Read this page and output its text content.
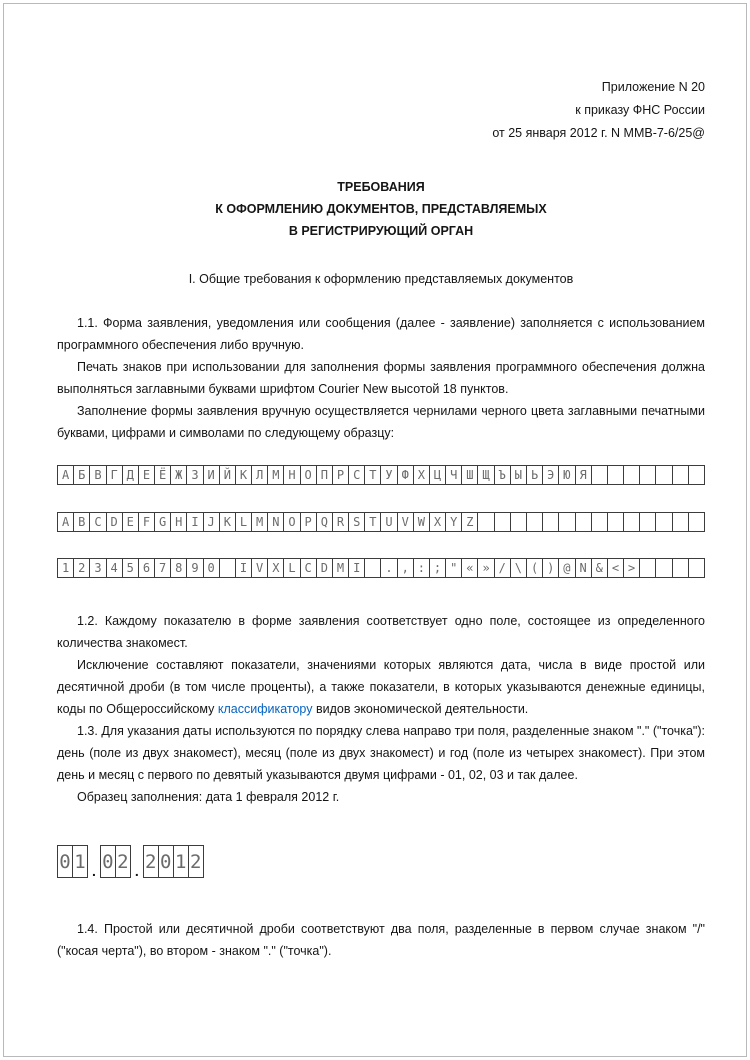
Приложение N 20
к приказу ФНС России
от 25 января 2012 г. N ММВ-7-6/25@
ТРЕБОВАНИЯ
К ОФОРМЛЕНИЮ ДОКУМЕНТОВ, ПРЕДСТАВЛЯЕМЫХ
В РЕГИСТРИРУЮЩИЙ ОРГАН
I. Общие требования к оформлению представляемых документов

1.1. Форма заявления, уведомления или сообщения (далее - заявление) заполняется с использованием программного обеспечения либо вручную.

Печать знаков при использовании для заполнения формы заявления программного обеспечения должна выполняться заглавными буквами шрифтом Courier New высотой 18 пунктов.

Заполнение формы заявления вручную осуществляется чернилами черного цвета заглавными печатными буквами, цифрами и символами по следующему образцу:

А Б В Г Д Е Ё Ж З И Й К Л М Н О П Р С Т У Ф Х Ц Ч Ш Щ Ъ Ы Ь Э Ю Я
A B C D E F G H I J K L M N O P Q R S T U V W X Y Z
1 2 3 4 5 6 7 8 9 0	I V X L C D M I	. , : ; " « » / \ ( ) @ N & < >

1.2. Каждому показателю в форме заявления соответствует одно поле, состоящее из определенного количества знакомест.

Исключение составляют показатели, значениями которых являются дата, числа в виде простой или десятичной дроби (в том числе проценты), а также показатели, в которых указываются денежные единицы, коды по Общероссийскому классификатору видов экономической деятельности.

1.3. Для указания даты используются по порядку слева направо три поля, разделенные знаком "." ("точка"): день (поле из двух знакомест), месяц (поле из двух знакомест) и год (поле из четырех знакомест). При этом день и месяц с первого по девятый указываются двумя цифрами - 01, 02, 03 и так далее.

Образец заполнения: дата 1 февраля 2012 г.

0 1 . 0 2 . 2 0 1 2

1.4. Простой или десятичной дроби соответствуют два поля, разделенные в первом случае знаком "/" ("косая черта"), во втором - знаком "." ("точка").
